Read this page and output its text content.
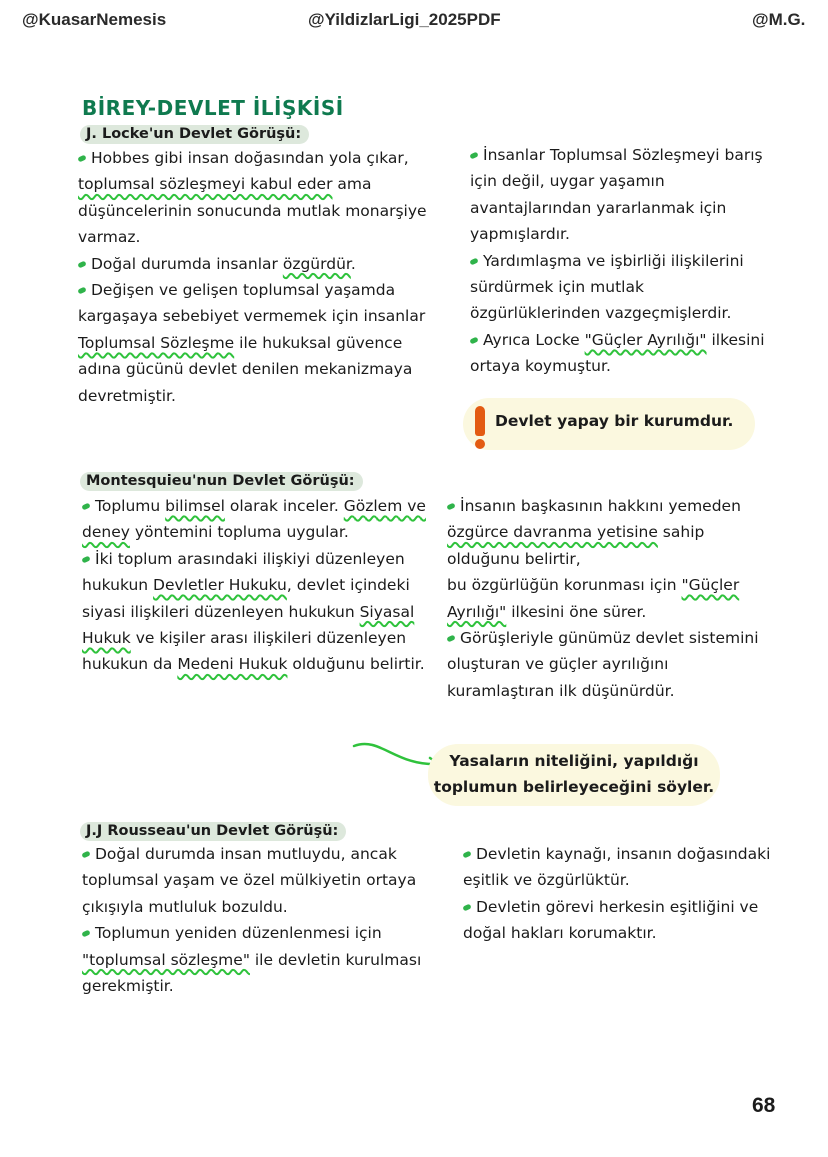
@KuasarNemesis	@YildizlarLigi_2025PDF	@M.G.
BİREY-DEVLET İLİŞKİSİ
J. Locke'un Devlet Görüşü:

Hobbes gibi insan doğasından yola çıkar, toplumsal sözleşmeyi kabul eder ama düşüncelerinin sonucunda mutlak monarşiye varmaz.

Doğal durumda insanlar özgürdür.

Değişen ve gelişen toplumsal yaşamda kargaşaya sebebiyet vermemek için insanlar Toplumsal Sözleşme ile hukuksal güvence adına gücünü devlet denilen mekanizmaya devretmiştir.

İnsanlar Toplumsal Sözleşmeyi barış için değil, uygar yaşamın avantajlarından yararlanmak için yapmışlardır.

Yardımlaşma ve işbirliği ilişkilerini sürdürmek için mutlak özgürlüklerinden vazgeçmişlerdir.

Ayrıca Locke "Güçler Ayrılığı" ilkesini ortaya koymuştur.

Devlet yapay bir kurumdur.
Montesquieu'nun Devlet Görüşü:

Toplumu bilimsel olarak inceler. Gözlem ve deney yöntemini topluma uygular.

İki toplum arasındaki ilişkiyi düzenleyen hukukun Devletler Hukuku, devlet içindeki siyasi ilişkileri düzenleyen hukukun Siyasal Hukuk ve kişiler arası ilişkileri düzenleyen hukukun da Medeni Hukuk olduğunu belirtir.

İnsanın başkasının hakkını yemeden özgürce davranma yetisine sahip olduğunu belirtir,

bu özgürlüğün korunması için "Güçler Ayrılığı" ilkesini öne sürer.

Görüşleriyle günümüz devlet sistemini oluşturan ve güçler ayrılığını kuramlaştıran ilk düşünürdür.

Yasaların niteliğini, yapıldığı
toplumun belirleyeceğini söyler.
J.J Rousseau'un Devlet Görüşü:

Doğal durumda insan mutluydu, ancak toplumsal yaşam ve özel mülkiyetin ortaya çıkışıyla mutluluk bozuldu.

Toplumun yeniden düzenlenmesi için "toplumsal sözleşme" ile devletin kurulması gerekmiştir.

Devletin kaynağı, insanın doğasındaki eşitlik ve özgürlüktür.

Devletin görevi herkesin eşitliğini ve doğal hakları korumaktır.

68
